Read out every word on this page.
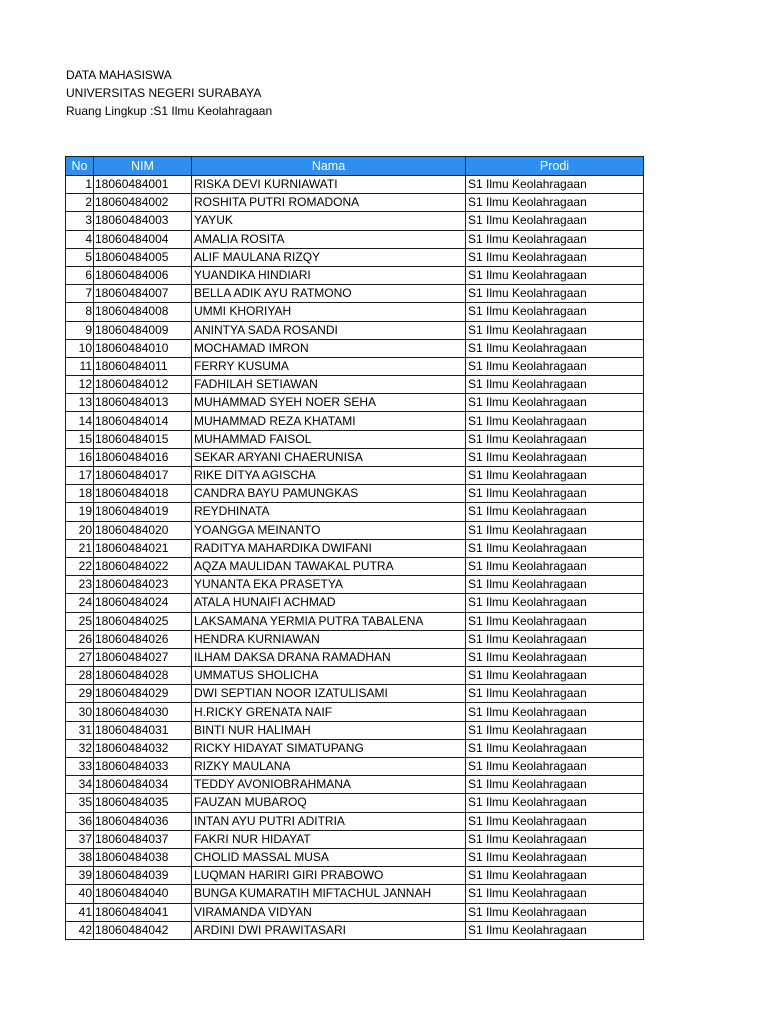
DATA MAHASISWA
UNIVERSITAS NEGERI SURABAYA
Ruang Lingkup :S1 Ilmu Keolahragaan
No	NIM	Nama	Prodi
1	18060484001	RISKA DEVI KURNIAWATI	S1 Ilmu Keolahragaan
2	18060484002	ROSHITA PUTRI ROMADONA	S1 Ilmu Keolahragaan
3	18060484003	YAYUK	S1 Ilmu Keolahragaan
4	18060484004	AMALIA ROSITA	S1 Ilmu Keolahragaan
5	18060484005	ALIF MAULANA RIZQY	S1 Ilmu Keolahragaan
6	18060484006	YUANDIKA HINDIARI	S1 Ilmu Keolahragaan
7	18060484007	BELLA ADIK AYU RATMONO	S1 Ilmu Keolahragaan
8	18060484008	UMMI KHORIYAH	S1 Ilmu Keolahragaan
9	18060484009	ANINTYA SADA ROSANDI	S1 Ilmu Keolahragaan
10	18060484010	MOCHAMAD IMRON	S1 Ilmu Keolahragaan
11	18060484011	FERRY KUSUMA	S1 Ilmu Keolahragaan
12	18060484012	FADHILAH SETIAWAN	S1 Ilmu Keolahragaan
13	18060484013	MUHAMMAD SYEH NOER SEHA	S1 Ilmu Keolahragaan
14	18060484014	MUHAMMAD REZA KHATAMI	S1 Ilmu Keolahragaan
15	18060484015	MUHAMMAD FAISOL	S1 Ilmu Keolahragaan
16	18060484016	SEKAR ARYANI CHAERUNISA	S1 Ilmu Keolahragaan
17	18060484017	RIKE DITYA AGISCHA	S1 Ilmu Keolahragaan
18	18060484018	CANDRA BAYU PAMUNGKAS	S1 Ilmu Keolahragaan
19	18060484019	REYDHINATA	S1 Ilmu Keolahragaan
20	18060484020	YOANGGA MEINANTO	S1 Ilmu Keolahragaan
21	18060484021	RADITYA MAHARDIKA DWIFANI	S1 Ilmu Keolahragaan
22	18060484022	AQZA MAULIDAN TAWAKAL PUTRA	S1 Ilmu Keolahragaan
23	18060484023	YUNANTA EKA PRASETYA	S1 Ilmu Keolahragaan
24	18060484024	ATALA HUNAIFI ACHMAD	S1 Ilmu Keolahragaan
25	18060484025	LAKSAMANA YERMIA PUTRA TABALENA	S1 Ilmu Keolahragaan
26	18060484026	HENDRA KURNIAWAN	S1 Ilmu Keolahragaan
27	18060484027	ILHAM DAKSA DRANA RAMADHAN	S1 Ilmu Keolahragaan
28	18060484028	UMMATUS SHOLICHA	S1 Ilmu Keolahragaan
29	18060484029	DWI SEPTIAN NOOR IZATULISAMI	S1 Ilmu Keolahragaan
30	18060484030	H.RICKY GRENATA NAIF	S1 Ilmu Keolahragaan
31	18060484031	BINTI NUR HALIMAH	S1 Ilmu Keolahragaan
32	18060484032	RICKY HIDAYAT SIMATUPANG	S1 Ilmu Keolahragaan
33	18060484033	RIZKY MAULANA	S1 Ilmu Keolahragaan
34	18060484034	TEDDY AVONIOBRAHMANA	S1 Ilmu Keolahragaan
35	18060484035	FAUZAN MUBAROQ	S1 Ilmu Keolahragaan
36	18060484036	INTAN AYU PUTRI ADITRIA	S1 Ilmu Keolahragaan
37	18060484037	FAKRI NUR HIDAYAT	S1 Ilmu Keolahragaan
38	18060484038	CHOLID MASSAL MUSA	S1 Ilmu Keolahragaan
39	18060484039	LUQMAN HARIRI GIRI PRABOWO	S1 Ilmu Keolahragaan
40	18060484040	BUNGA KUMARATIH MIFTACHUL JANNAH	S1 Ilmu Keolahragaan
41	18060484041	VIRAMANDA VIDYAN	S1 Ilmu Keolahragaan
42	18060484042	ARDINI DWI PRAWITASARI	S1 Ilmu Keolahragaan
